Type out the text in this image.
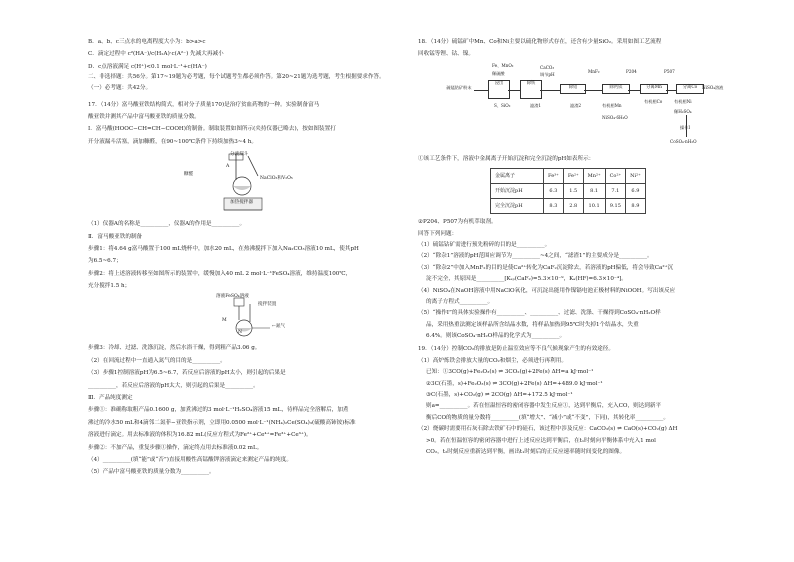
B．a、b、c三点水的电离程度大小为：b>a>c
C．滴定过程中 c²(HA⁻)/c(H₂A)·c(A²⁻) 先减大再减小
D．c点溶液满足 c(H⁺)<0.1 mol·L⁻¹+c(HA⁻)
二、非选择题：共56分。第17~19题为必考题，每个试题考生都必须作答。第20~21题为选考题，考生根据要求作答。
（一）必考题：共42分。
17．（14分）富马酸亚铁结构简式，相对分子质量170)是治疗贫血药物的一种。实验制备富马
酸亚铁并测其产品中富马酸亚铁的质量分数。
Ⅰ．富马酸(HOOC−CH=CH−COOH)的制备。制取装置如图所示(夹持仪器已略去)，按如图装置打
开分液漏斗活塞，滴加糠醛，在90~100℃条件下持续加热3~4 h。
分液漏斗
A
糠醛
NaClO₃和V₂O₅
加热搅拌器
（1）仪器A的名称是__________，仪器A的作用是__________。
Ⅱ．富马酸亚铁的制备
步骤1：将4.64 g富马酸置于100 mL烧杯中，加水20 mL，在热沸搅拌下加入Na₂CO₃溶液10 mL，使其pH
为6.5~6.7；
步骤2：将上述溶液转移至如图所示的装置中，缓慢加入40 mL 2 mol·L⁻¹FeSO₄溶液，维持温度100℃，
充分搅拌1.5 h；
溶液FeSO₄溶液
搅拌装置
M
N
←氮气
步骤3：冷却、过滤、洗涤沉淀，然后水浴干燥，得到粗产品3.06 g。
（2）在回流过程中一直通入氮气的目的是__________。
（3）步骤1控制溶液pH为6.5~6.7，若反应后溶液的pH太小，则引起的后果是
__________，若反应后溶液的pH太大，则引起的后果是__________。
Ⅲ．产品纯度测定
步骤①：准确称取粗产品0.1600 g，加煮沸过的3 mol·L⁻¹H₂SO₄溶液15 mL，待样品完全溶解后，加煮
沸过的冷水50 mL和4滴邻二氮菲−亚铁指示剂，立即用0.0500 mol·L⁻¹(NH₄)₂Ce(SO₄)₃(硫酸高铈铵)标准
溶液进行滴定。用去标准液的体积为16.82 mL(反应方程式为Fe²⁺+Ce⁴⁺=Fe³⁺+Ce³⁺)。
步骤②：不加产品，重复步骤①操作，滴定终点用去标准液0.02 mL。
（4）__________(填“能”或“否”)直接用酸性高锰酸钾溶液滴定来测定产品的纯度。
（5）产品中富马酸亚铁的质量分数为__________。
18．（14分）硫锰矿中Mn、Co和Ni主要以硫化物形式存在，还含有少量SiO₂。采用如图工艺流程
回收锰等锂、钴、镍。
Fe、MnO₂
稀硫酸
CaCO₃
调节pH
MnF₂	P204	P507
硫锰钴矿粉末
浸出	除铁
除铝	除钙镁	分离Mn	分离Co
S、SiO₂	滤渣1	滤渣2	有机相Mn
有机相Co	有机相Ni
NiSO₄溶液
稀H₂SO₄
操作Ⅰ
NiSO₄·6H₂O
CoSO₄·nH₂O
①该工艺条件下，溶液中金属离子开始沉淀和完全沉淀的pH如表所示：
金属离子	Fe³⁺	Fe²⁺	Mn²⁺	Co²⁺	Ni²⁺
开始沉淀pH	6.3	1.5	8.1	7.1	6.9
完全沉淀pH	8.3	2.8	10.1	9.15	8.9
②P204、P507为有机萃取剂。
回答下列问题：
（1）硫锰钴矿需进行预先粉碎的目的是__________。
（2）“除杂1”溶液的pH范围应调节为__________~4之间，“滤渣1”的主要成分是__________。
（3）“除杂2”中加入MnF₂的目的是使Ca²⁺转化为CaF₂沉淀除去，若溶液的pH偏低，将会导致Ca²⁺沉
淀不完全，其原因是__________[Kₛₚ(CaF₂)=5.3×10⁻⁹，Kₐ(HF)=6.3×10⁻⁴]。
（4）NiSO₄在NaOH溶液中用NaClO氧化，可沉淀出能用作镍镉电池正极材料的NiOOH。写出该反应
的离子方程式__________。
（5）“操作Ⅰ”的具体实验操作有__________、__________、过滤、洗涤、干燥得到CoSO₄·nH₂O样
品，采用热重法测定该样品所含结晶水数，将样品加热到95℃时失掉1个结晶水，失重
6.4%。则该CoSO₄·nH₂O样品的化学式为__________。
19．（14分）控制CO₂的排放是防止温室效应等不良气候现象产生的有效途径。
（1）高炉炼铁会排放大量的CO₂和烟尘，必须进行再利用。
已知：①3CO(g)+Fe₂O₃(s) ⇌ 3CO₂(g)+2Fe(s) ΔH=a kJ·mol⁻¹
②3C(石墨，s)+Fe₂O₃(s) ⇌ 3CO(g)+2Fe(s) ΔH=+489.0 kJ·mol⁻¹
③C(石墨，s)+CO₂(g) ⇌ 2CO(g) ΔH=+172.5 kJ·mol⁻¹
则a=__________。若在恒温恒容的密闭容器中发生反应①，达到平衡后，充入CO，则达到新平
衡后CO的物质的量分数将__________(填“增大”、“减小”或“不变”，下同)，其转化率__________。
（2）烧碳时需要用石灰石除去铁矿石中的硅石，该过程中涉及反应：CaCO₃(s) ⇌ CaO(s)+CO₂(g) ΔH
>0。若在恒温恒容的密闭容器中进行上述反应达到平衡后，在t₁时刻向平衡体系中充入1 mol
CO₂，t₂时刻反应重新达到平衡，画出t₁时刻后的正反应速率随时间变化的图像。
